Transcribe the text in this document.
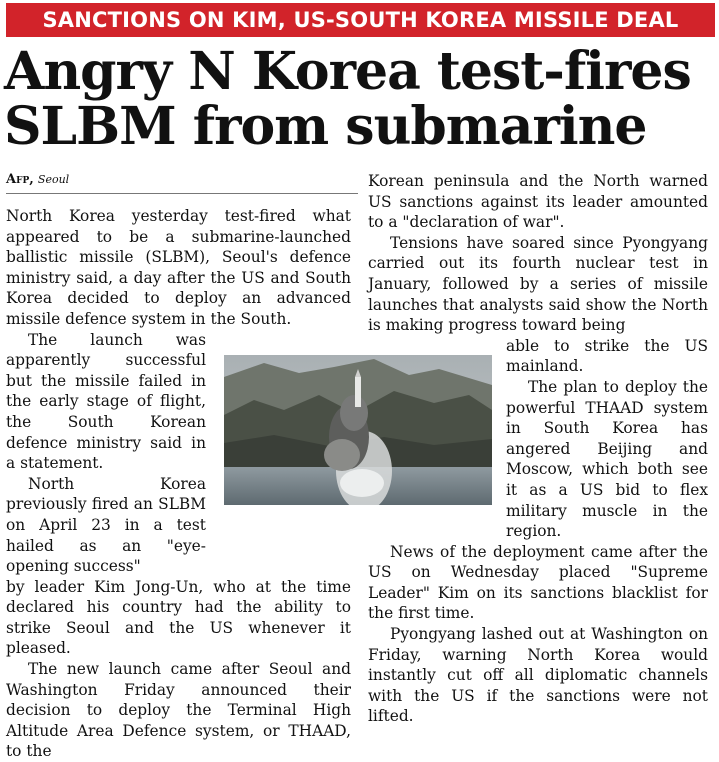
SANCTIONS ON KIM, US-SOUTH KOREA MISSILE DEAL
Angry N Korea test-fires
SLBM from submarine
Afp, Seoul

North Korea yesterday test-fired what appeared to be a submarine-launched ballistic missile (SLBM), Seoul's defence ministry said, a day after the US and South Korea decided to deploy an advanced missile defence system in the South.

The launch was apparently successful but the missile failed in the early stage of flight, the South Korean defence ministry said in a statement.

North Korea previously fired an SLBM on April 23 in a test hailed as an "eye-opening success"

by leader Kim Jong-Un, who at the time declared his country had the ability to strike Seoul and the US whenever it pleased.

The new launch came after Seoul and Washington Friday announced their decision to deploy the Terminal High Altitude Area Defence system, or THAAD, to the

Korean peninsula and the North warned US sanctions against its leader amounted to a "declaration of war".

Tensions have soared since Pyongyang carried out its fourth nuclear test in January, followed by a series of missile launches that analysts said show the North is making progress toward being

able to strike the US mainland.

The plan to deploy the powerful THAAD system in South Korea has angered Beijing and Moscow, which both see it as a US bid to flex military muscle in the region.

News of the deployment came after the US on Wednesday placed "Supreme Leader" Kim on its sanctions blacklist for the first time.

Pyongyang lashed out at Washington on Friday, warning North Korea would instantly cut off all diplomatic channels with the US if the sanctions were not lifted.
